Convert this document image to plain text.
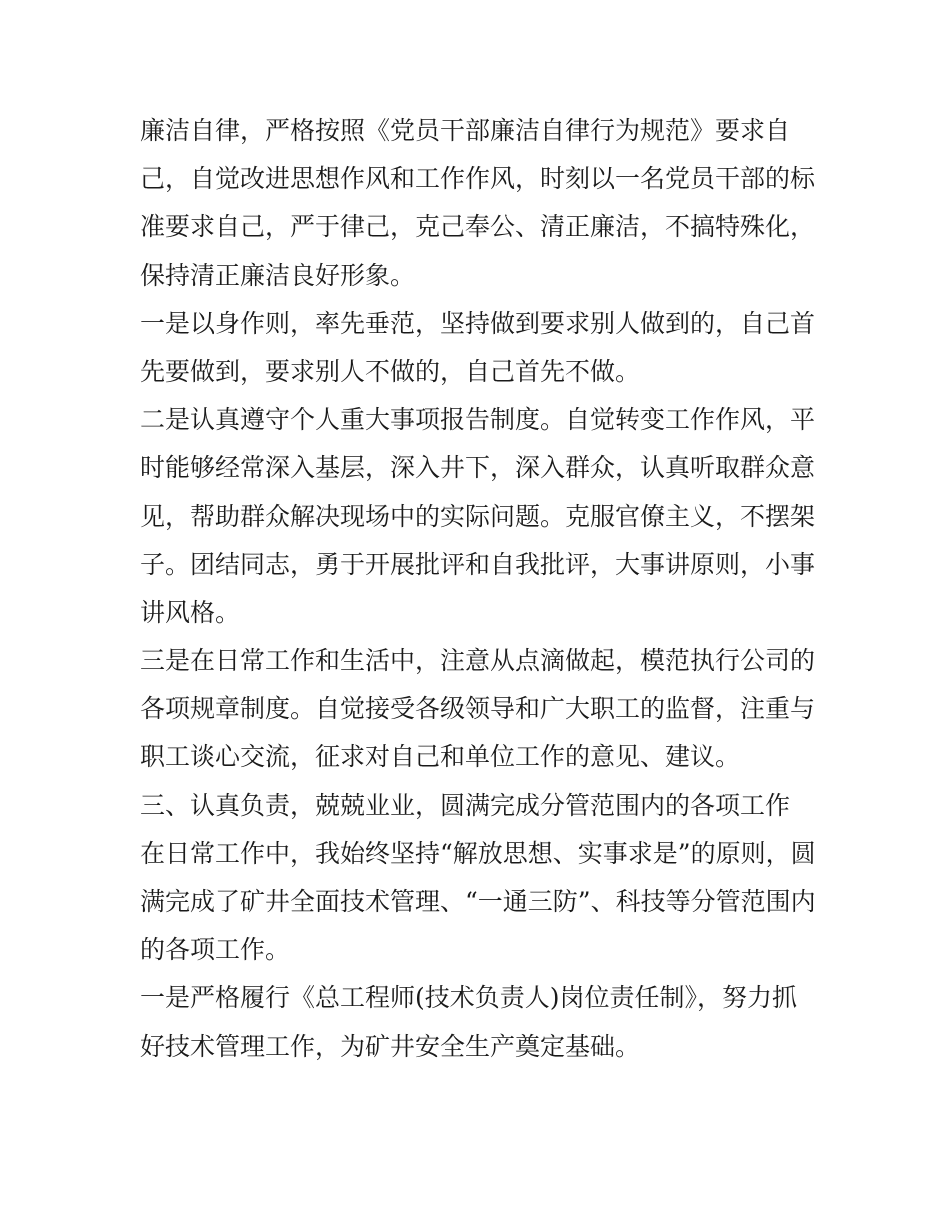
廉洁自律，严格按照《党员干部廉洁自律行为规范》要求自
己，自觉改进思想作风和工作作风，时刻以一名党员干部的标
准要求自己，严于律己，克己奉公、清正廉洁，不搞特殊化，
保持清正廉洁良好形象。
一是以身作则，率先垂范，坚持做到要求别人做到的，自己首
先要做到，要求别人不做的，自己首先不做。
二是认真遵守个人重大事项报告制度。自觉转变工作作风，平
时能够经常深入基层，深入井下，深入群众，认真听取群众意
见，帮助群众解决现场中的实际问题。克服官僚主义，不摆架
子。团结同志，勇于开展批评和自我批评，大事讲原则，小事
讲风格。
三是在日常工作和生活中，注意从点滴做起，模范执行公司的
各项规章制度。自觉接受各级领导和广大职工的监督，注重与
职工谈心交流，征求对自己和单位工作的意见、建议。
三、认真负责，兢兢业业，圆满完成分管范围内的各项工作
在日常工作中，我始终坚持“解放思想、实事求是”的原则，圆
满完成了矿井全面技术管理、“一通三防”、科技等分管范围内
的各项工作。
一是严格履行《总工程师(技术负责人)岗位责任制》，努力抓
好技术管理工作，为矿井安全生产奠定基础。
